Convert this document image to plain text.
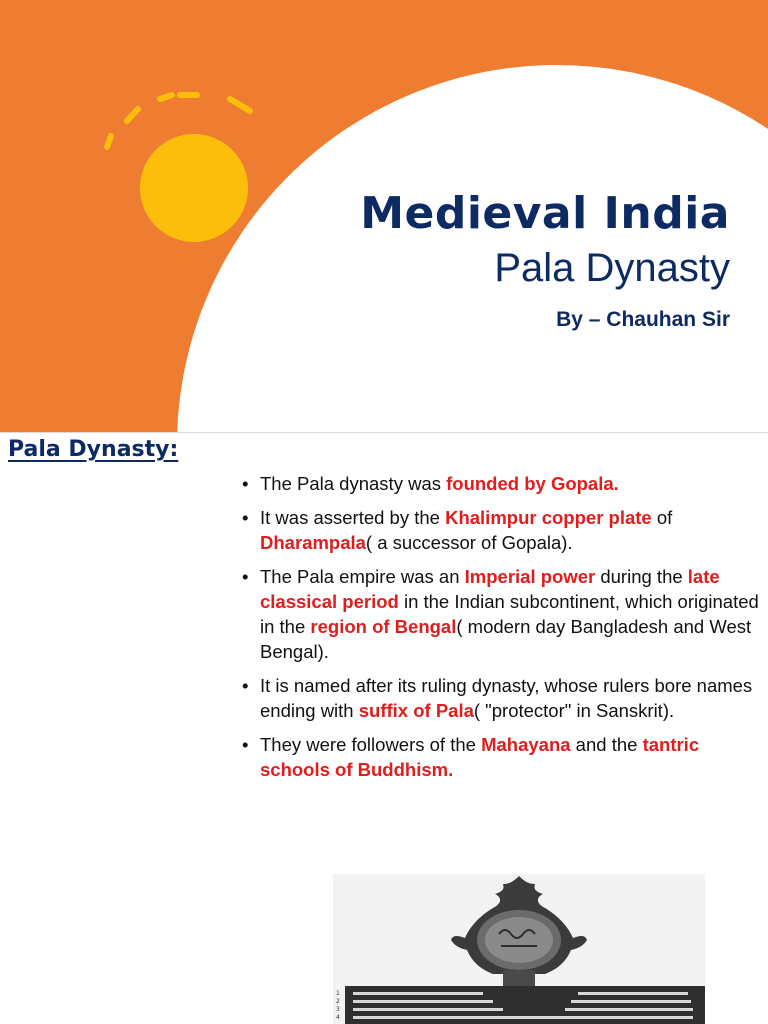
Medieval India
Pala Dynasty
By – Chauhan Sir
Pala Dynasty:
• The Pala dynasty was founded by Gopala.
• It was asserted by the Khalimpur copper plate of Dharampala( a successor of Gopala).
• The Pala empire was an Imperial power during the late classical period in the Indian subcontinent, which originated in the region of Bengal( modern day Bangladesh and West Bengal).
• It is named after its ruling dynasty, whose rulers bore names ending with suffix of Pala( "protector" in Sanskrit).
• They were followers of the Mahayana and the tantric schools of Buddhism.
1
2
3
4
